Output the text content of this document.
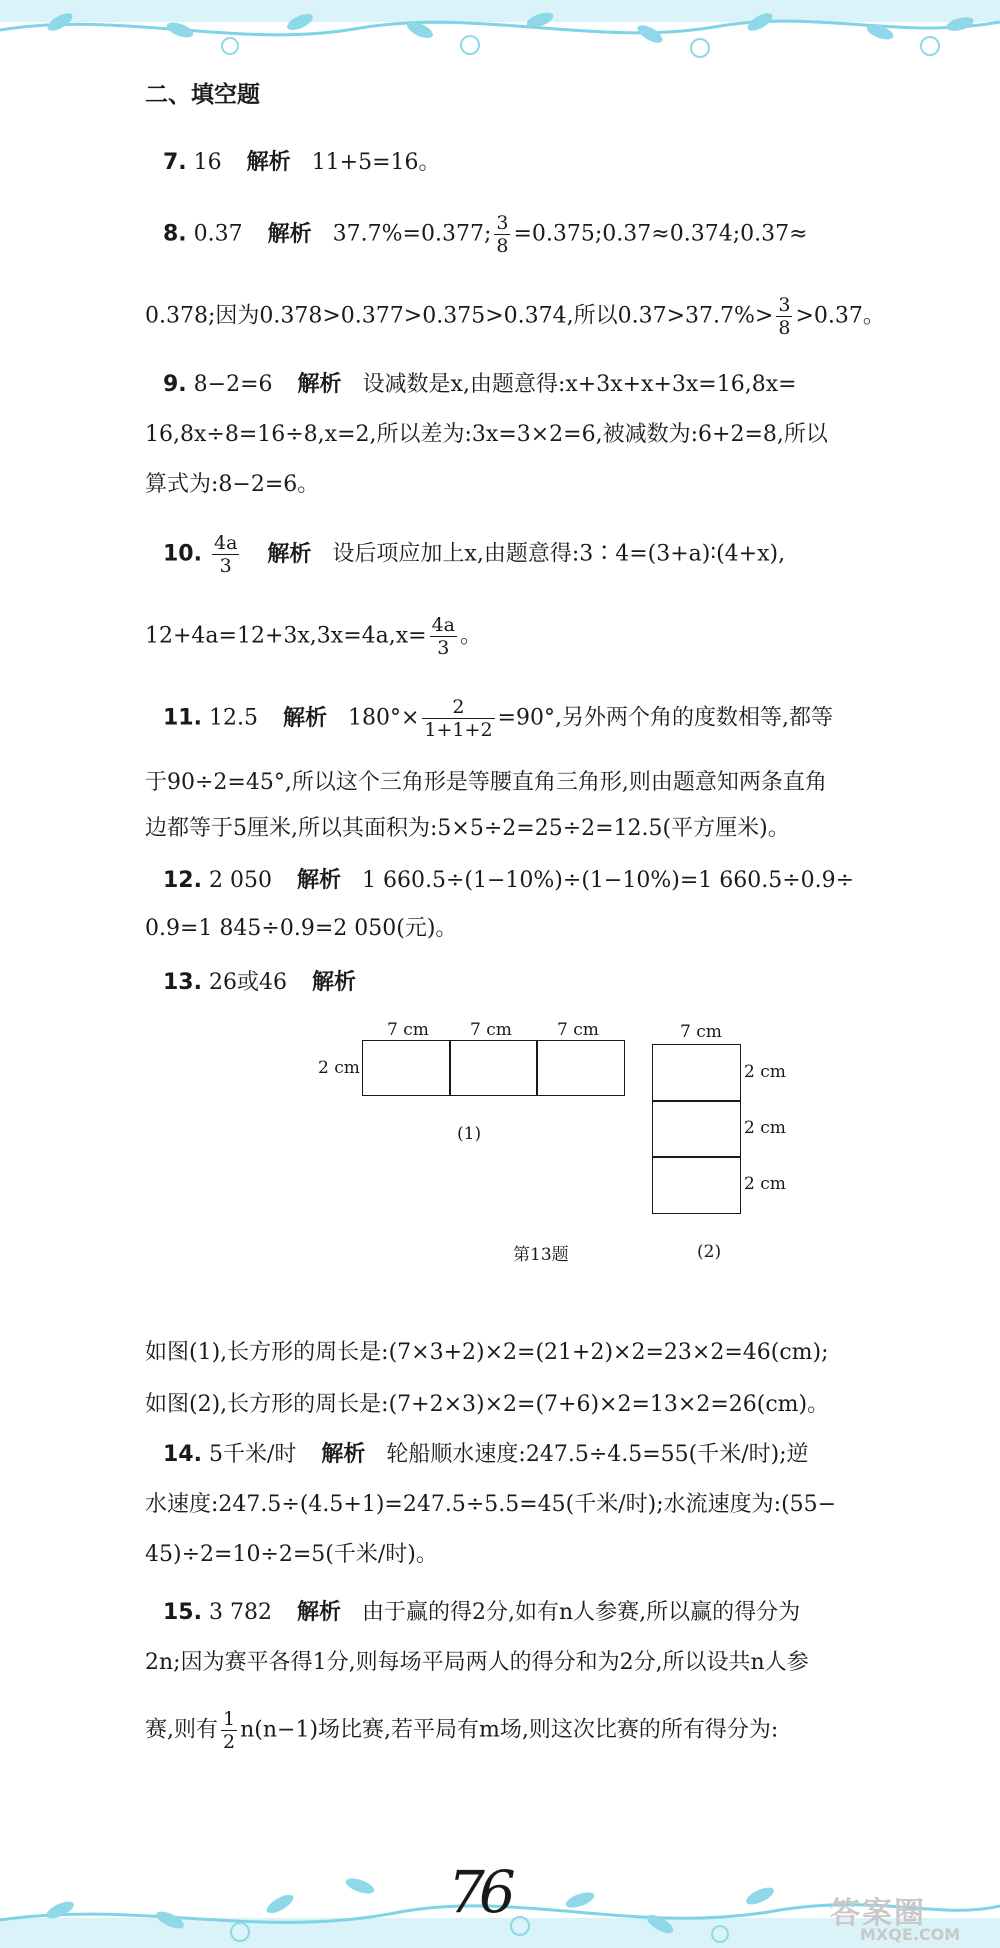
二、填空题
7. 16 解析 11+5=16。
8. 0.37 解析 37.7%=0.377; $\frac{3}{8}$ =0.375;0.37≈0.374;0.37≈
0.378;因为0.378>0.377>0.375>0.374,所以$0.37>37.7\%> \frac{3}{8} >0.37$。
9. 8−2=6 解析 设减数是x,由题意得:x+3x+x+3x=16,8x=
16,8x÷8=16÷8,x=2,所以差为:3x=3×2=6,被减数为:6+2=8,所以
算式为:8−2=6。
10. $\frac{4a}{3}$ 解析 设后项应加上x,由题意得:3∶4=(3+a)∶(4+x),
$12+4a=12+3x,3x=4a,x= \frac{4a}{3}$ 。
11. 12.5 解析 $180^\circ\times \frac{2}{1+1+2} =90^\circ$,另外两个角的度数相等,都等
于90÷2=45°,所以这个三角形是等腰直角三角形,则由题意知两条直角
边都等于5厘米,所以其面积为:5×5÷2=25÷2=12.5(平方厘米)。
12. 2 050 解析 1 660.5÷(1−10%)÷(1−10%)=1 660.5÷0.9÷
0.9=1 845÷0.9=2 050(元)。
13. 26或46 解析
7 cm 7 cm	7 cm
2 cm
(1)
7 cm
2 cm
2 cm
2 cm
第13题	(2)
如图(1),长方形的周长是:(7×3+2)×2=(21+2)×2=23×2=46(cm);
如图(2),长方形的周长是:(7+2×3)×2=(7+6)×2=13×2=26(cm)。
14. 5千米/时 解析 轮船顺水速度:247.5÷4.5=55(千米/时);逆
水速度:247.5÷(4.5+1)=247.5÷5.5=45(千米/时);水流速度为:(55−
45)÷2=10÷2=5(千米/时)。
15. 3 782 解析 由于赢的得2分,如有n人参赛,所以赢的得分为
2n;因为赛平各得1分,则每场平局两人的得分和为2分,所以设共n人参
赛,则有 $\frac{1}{2} n(n-1)$场比赛,若平局有m场,则这次比赛的所有得分为:
76	答案圈
MXQE.COM
